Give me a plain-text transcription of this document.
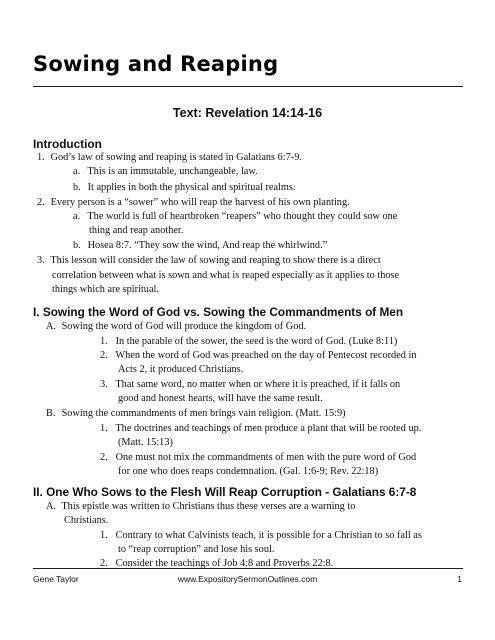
Sowing and Reaping
Text: Revelation 14:14-16
Introduction
1. God’s law of sowing and reaping is stated in Galatians 6:7-9.
a. This is an immutable, unchangeable, law.
b. It applies in both the physical and spiritual realms.
2. Every person is a “sower” who will reap the harvest of his own planting.
a. The world is full of heartbroken “reapers” who thought they could sow one
thing and reap another.
b. Hosea 8:7. “They sow the wind, And reap the whirlwind.”
3. This lesson will consider the law of sowing and reaping to show there is a direct
correlation between what is sown and what is reaped especially as it applies to those
things which are spiritual.
I. Sowing the Word of God vs. Sowing the Commandments of Men
A. Sowing the word of God will produce the kingdom of God.
1. In the parable of the sower, the seed is the word of God. (Luke 8:11)
2. When the word of God was preached on the day of Pentecost recorded in
Acts 2, it produced Christians.
3. That same word, no matter when or where it is preached, if it falls on
good and honest hearts, will have the same result.
B. Sowing the commandments of men brings vain religion. (Matt. 15:9)
1. The doctrines and teachings of men produce a plant that will be rooted up.
(Matt. 15:13)
2. One must not mix the commandments of men with the pure word of God
for one who does reaps condemnation. (Gal. 1:6-9; Rev. 22:18)
II. One Who Sows to the Flesh Will Reap Corruption - Galatians 6:7-8
A. This epistle was written to Christians thus these verses are a warning to
Christians.
1. Contrary to what Calvinists teach, it is possible for a Christian to so fall as
to “reap corruption” and lose his soul.
2. Consider the teachings of Job 4:8 and Proverbs 22:8.
Gene Taylor	www.ExpositorySermonOutlines.com	1
